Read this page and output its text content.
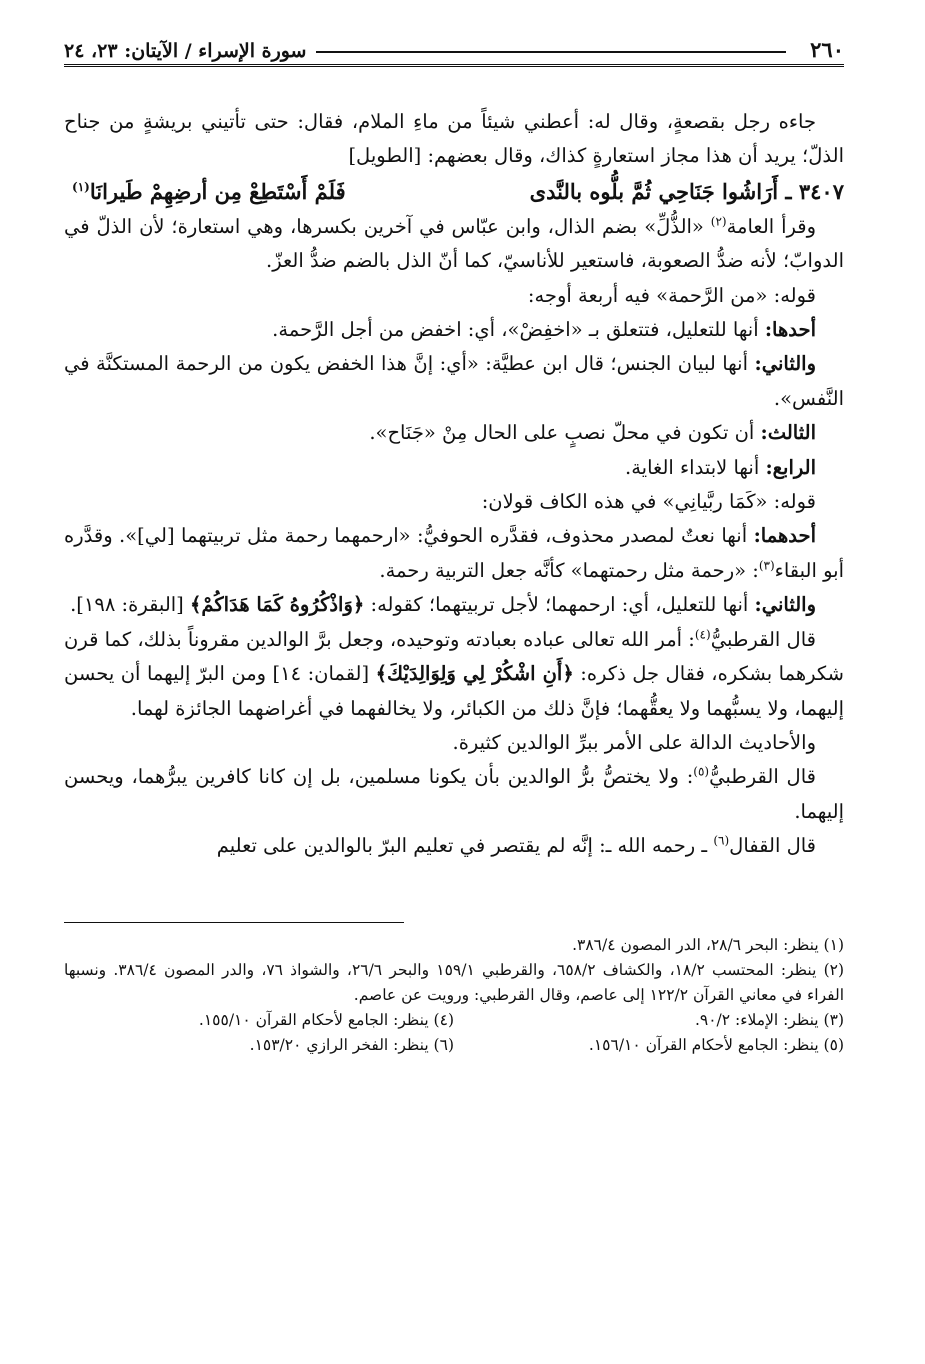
٢٦٠
سورة الإسراء / الآيتان: ٢٣، ٢٤

جاءه رجل بقصعةٍ، وقال له: أعطني شيئاً من ماءِ الملام، فقال: حتى تأتيني بريشةٍ من جناح الذلّ؛ يريد أن هذا مجاز استعارةٍ كذاك، وقال بعضهم: [الطويل]

٣٤٠٧ ـ أَرَاشُوا جَنَاحِي ثُمَّ بلُّوه بالنَّدى
فَلَمْ أَسْتَطِعْ مِن أرضِهِمْ طَيرانَا$^{(١)}$

وقرأ العامة$^{(٢)}$ «الذُّلِّ» بضم الذال، وابن عبّاس في آخرين بكسرها، وهي استعارة؛ لأن الذلّ في الدوابّ؛ لأنه ضدُّ الصعوبة، فاستعير للأناسيّ، كما أنّ الذل بالضم ضدُّ العزّ.

قوله: «من الرَّحمة» فيه أربعة أوجه:

أحدها: أنها للتعليل، فتتعلق بـ «اخفِضْ»، أي: اخفض من أجل الرَّحمة.

والثاني: أنها لبيان الجنس؛ قال ابن عطيَّة: «أي: إنَّ هذا الخفض يكون من الرحمة المستكنَّة في النَّفس».

الثالث: أن تكون في محلّ نصبٍ على الحال مِنْ «جَنَاح».

الرابع: أنها لابتداء الغاية.

قوله: «كَمَا ربَّيانِي» في هذه الكاف قولان:

أحدهما: أنها نعتٌ لمصدر محذوف، فقدَّره الحوفيُّ: «ارحمهما رحمة مثل تربيتهما [لي]». وقدَّره أبو البقاء$^{(٣)}$: «رحمة مثل رحمتهما» كأنَّه جعل التربية رحمة.

والثاني: أنها للتعليل، أي: ارحمهما؛ لأجل تربيتهما؛ كقوله: ﴿وَاذْكُرُوهُ كَمَا هَدَاكُمْ﴾ [البقرة: ١٩٨].

قال القرطبيُّ$^{(٤)}$: أمر الله تعالى عباده بعبادته وتوحيده، وجعل برَّ الوالدين مقروناً بذلك، كما قرن شكرهما بشكره، فقال جل ذكره: ﴿أَنِ اشْكُرْ لِي وَلِوَالِدَيْكَ﴾ [لقمان: ١٤] ومن البرّ إليهما أن يحسن إليهما، ولا يسبُّهما ولا يعقُّهما؛ فإنَّ ذلك من الكبائر، ولا يخالفهما في أغراضهما الجائزة لهما.

والأحاديث الدالة على الأمر ببرِّ الوالدين كثيرة.

قال القرطبيُّ$^{(٥)}$: ولا يختصُّ برُّ الوالدين بأن يكونا مسلمين، بل إن كانا كافرين يبرُّهما، ويحسن إليهما.

قال القفال$^{(٦)}$ ـ رحمه الله ـ: إنَّه لم يقتصر في تعليم البرّ بالوالدين على تعليم

(١) ينظر: البحر ٢٨/٦، الدر المصون ٣٨٦/٤.

(٢) ينظر: المحتسب ١٨/٢، والكشاف ٦٥٨/٢، والقرطبي ١٥٩/١ والبحر ٢٦/٦، والشواذ ٧٦، والدر المصون ٣٨٦/٤. ونسبها الفراء في معاني القرآن ١٢٢/٢ إلى عاصم، وقال القرطبي: ورويت عن عاصم.

(٣) ينظر: الإملاء: ٩٠/٢.
(٤) ينظر: الجامع لأحكام القرآن ١٥٥/١٠.
(٥) ينظر: الجامع لأحكام القرآن ١٥٦/١٠.
(٦) ينظر: الفخر الرازي ١٥٣/٢٠.
